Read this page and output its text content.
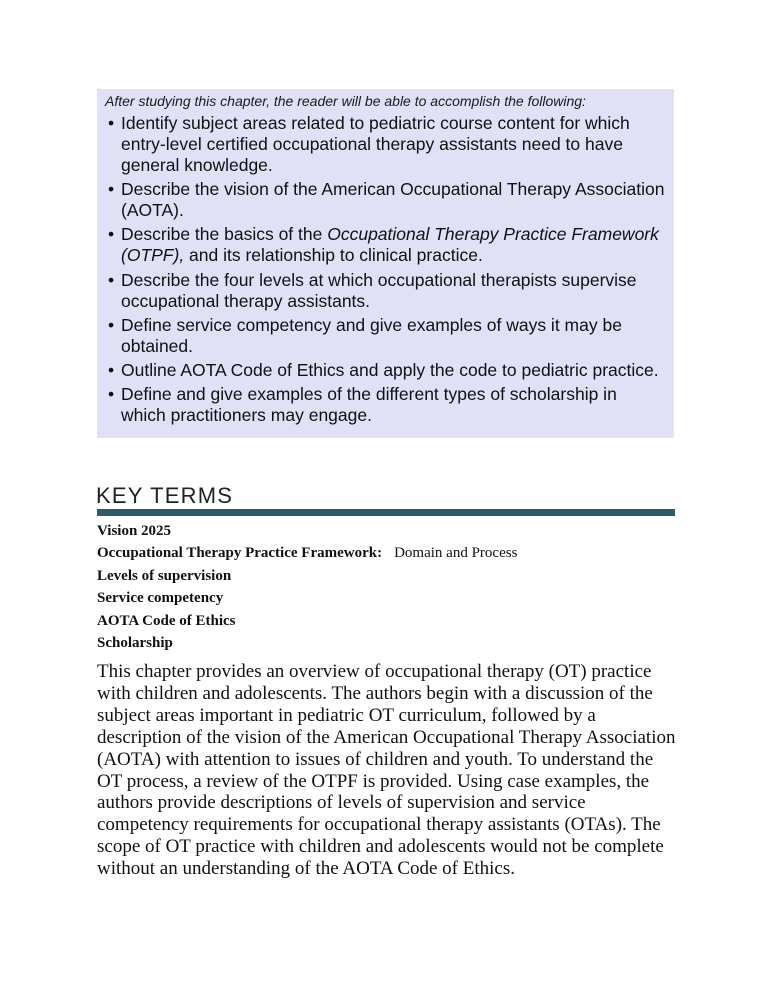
After studying this chapter, the reader will be able to accomplish the following:

• Identify subject areas related to pediatric course content for which entry-level certified occupational therapy assistants need to have general knowledge.
• Describe the vision of the American Occupational Therapy Association (AOTA).
• Describe the basics of the Occupational Therapy Practice Framework (OTPF), and its relationship to clinical practice.
• Describe the four levels at which occupational therapists supervise occupational therapy assistants.
• Define service competency and give examples of ways it may be obtained.
• Outline AOTA Code of Ethics and apply the code to pediatric practice.
• Define and give examples of the different types of scholarship in which practitioners may engage.
KEY TERMS

Vision 2025

Occupational Therapy Practice Framework: Domain and Process

Levels of supervision

Service competency

AOTA Code of Ethics

Scholarship

This chapter provides an overview of occupational therapy (OT) practice with children and adolescents. The authors begin with a discussion of the subject areas important in pediatric OT curriculum, followed by a description of the vision of the American Occupational Therapy Association (AOTA) with attention to issues of children and youth. To understand the OT process, a review of the OTPF is provided. Using case examples, the authors provide descriptions of levels of supervision and service competency requirements for occupational therapy assistants (OTAs). The scope of OT practice with children and adolescents would not be complete without an understanding of the AOTA Code of Ethics.
